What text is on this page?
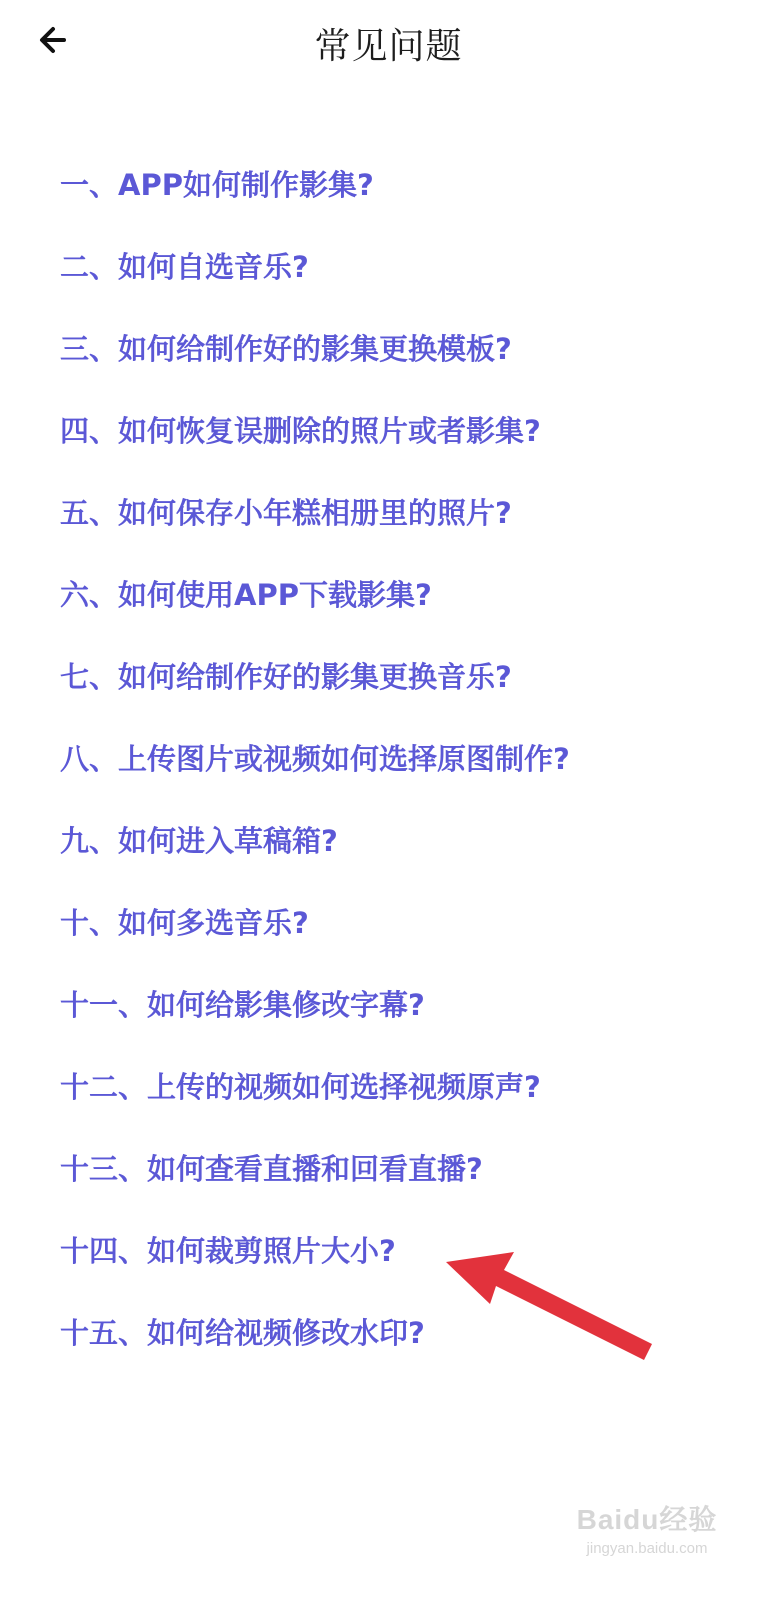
常见问题
一、APP如何制作影集?
二、如何自选音乐?
三、如何给制作好的影集更换模板?
四、如何恢复误删除的照片或者影集?
五、如何保存小年糕相册里的照片?
六、如何使用APP下载影集?
七、如何给制作好的影集更换音乐?
八、上传图片或视频如何选择原图制作?
九、如何进入草稿箱?
十、如何多选音乐?
十一、如何给影集修改字幕?
十二、上传的视频如何选择视频原声?
十三、如何查看直播和回看直播?
十四、如何裁剪照片大小?
十五、如何给视频修改水印?
Baidu经验
jingyan.baidu.com
